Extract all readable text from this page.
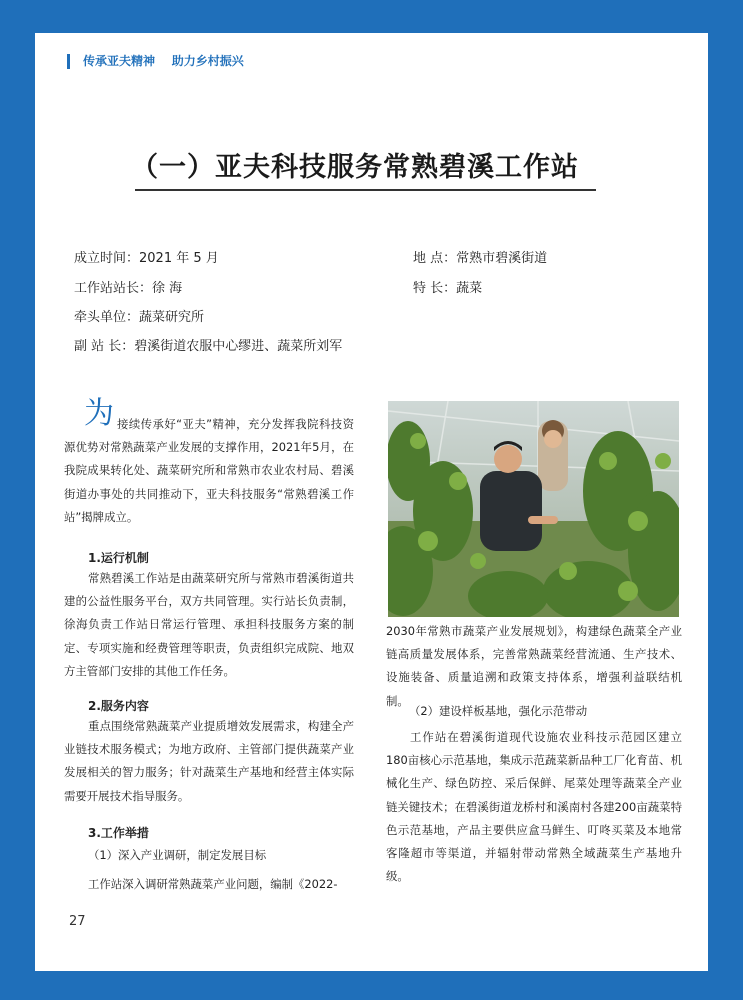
传承亚夫精神    助力乡村振兴
（一）亚夫科技服务常熟碧溪工作站
成立时间：2021 年 5 月	地 点：常熟市碧溪街道
工作站站长：徐 海	特 长：蔬菜
牵头单位：蔬菜研究所
副 站 长：碧溪街道农服中心缪进、蔬菜所刘军
为 接续传承好“亚夫”精神，充分发挥我院科技资源优势对常熟蔬菜产业发展的支撑作用，2021年5月，在我院成果转化处、蔬菜研究所和常熟市农业农村局、碧溪街道办事处的共同推动下，亚夫科技服务“常熟碧溪工作站”揭牌成立。
1.运行机制
常熟碧溪工作站是由蔬菜研究所与常熟市碧溪街道共建的公益性服务平台，双方共同管理。实行站长负责制，徐海负责工作站日常运行管理、承担科技服务方案的制定、专项实施和经费管理等职责，负责组织完成院、地双方主管部门安排的其他工作任务。
2.服务内容
重点围绕常熟蔬菜产业提质增效发展需求，构建全产业链技术服务模式；为地方政府、主管部门提供蔬菜产业发展相关的智力服务；针对蔬菜生产基地和经营主体实际需要开展技术指导服务。
3.工作举措
（1）深入产业调研，制定发展目标
工作站深入调研常熟蔬菜产业问题，编制《2022-
2030年常熟市蔬菜产业发展规划》，构建绿色蔬菜全产业链高质量发展体系，完善常熟蔬菜经营流通、生产技术、设施装备、质量追溯和政策支持体系，增强利益联结机制。
（2）建设样板基地，强化示范带动
工作站在碧溪街道现代设施农业科技示范园区建立180亩核心示范基地，集成示范蔬菜新品种工厂化育苗、机械化生产、绿色防控、采后保鲜、尾菜处理等蔬菜全产业链关键技术；在碧溪街道龙桥村和溪南村各建200亩蔬菜特色示范基地，产品主要供应盒马鲜生、叮咚买菜及本地常客隆超市等渠道，并辐射带动常熟全域蔬菜生产基地升级。
27
